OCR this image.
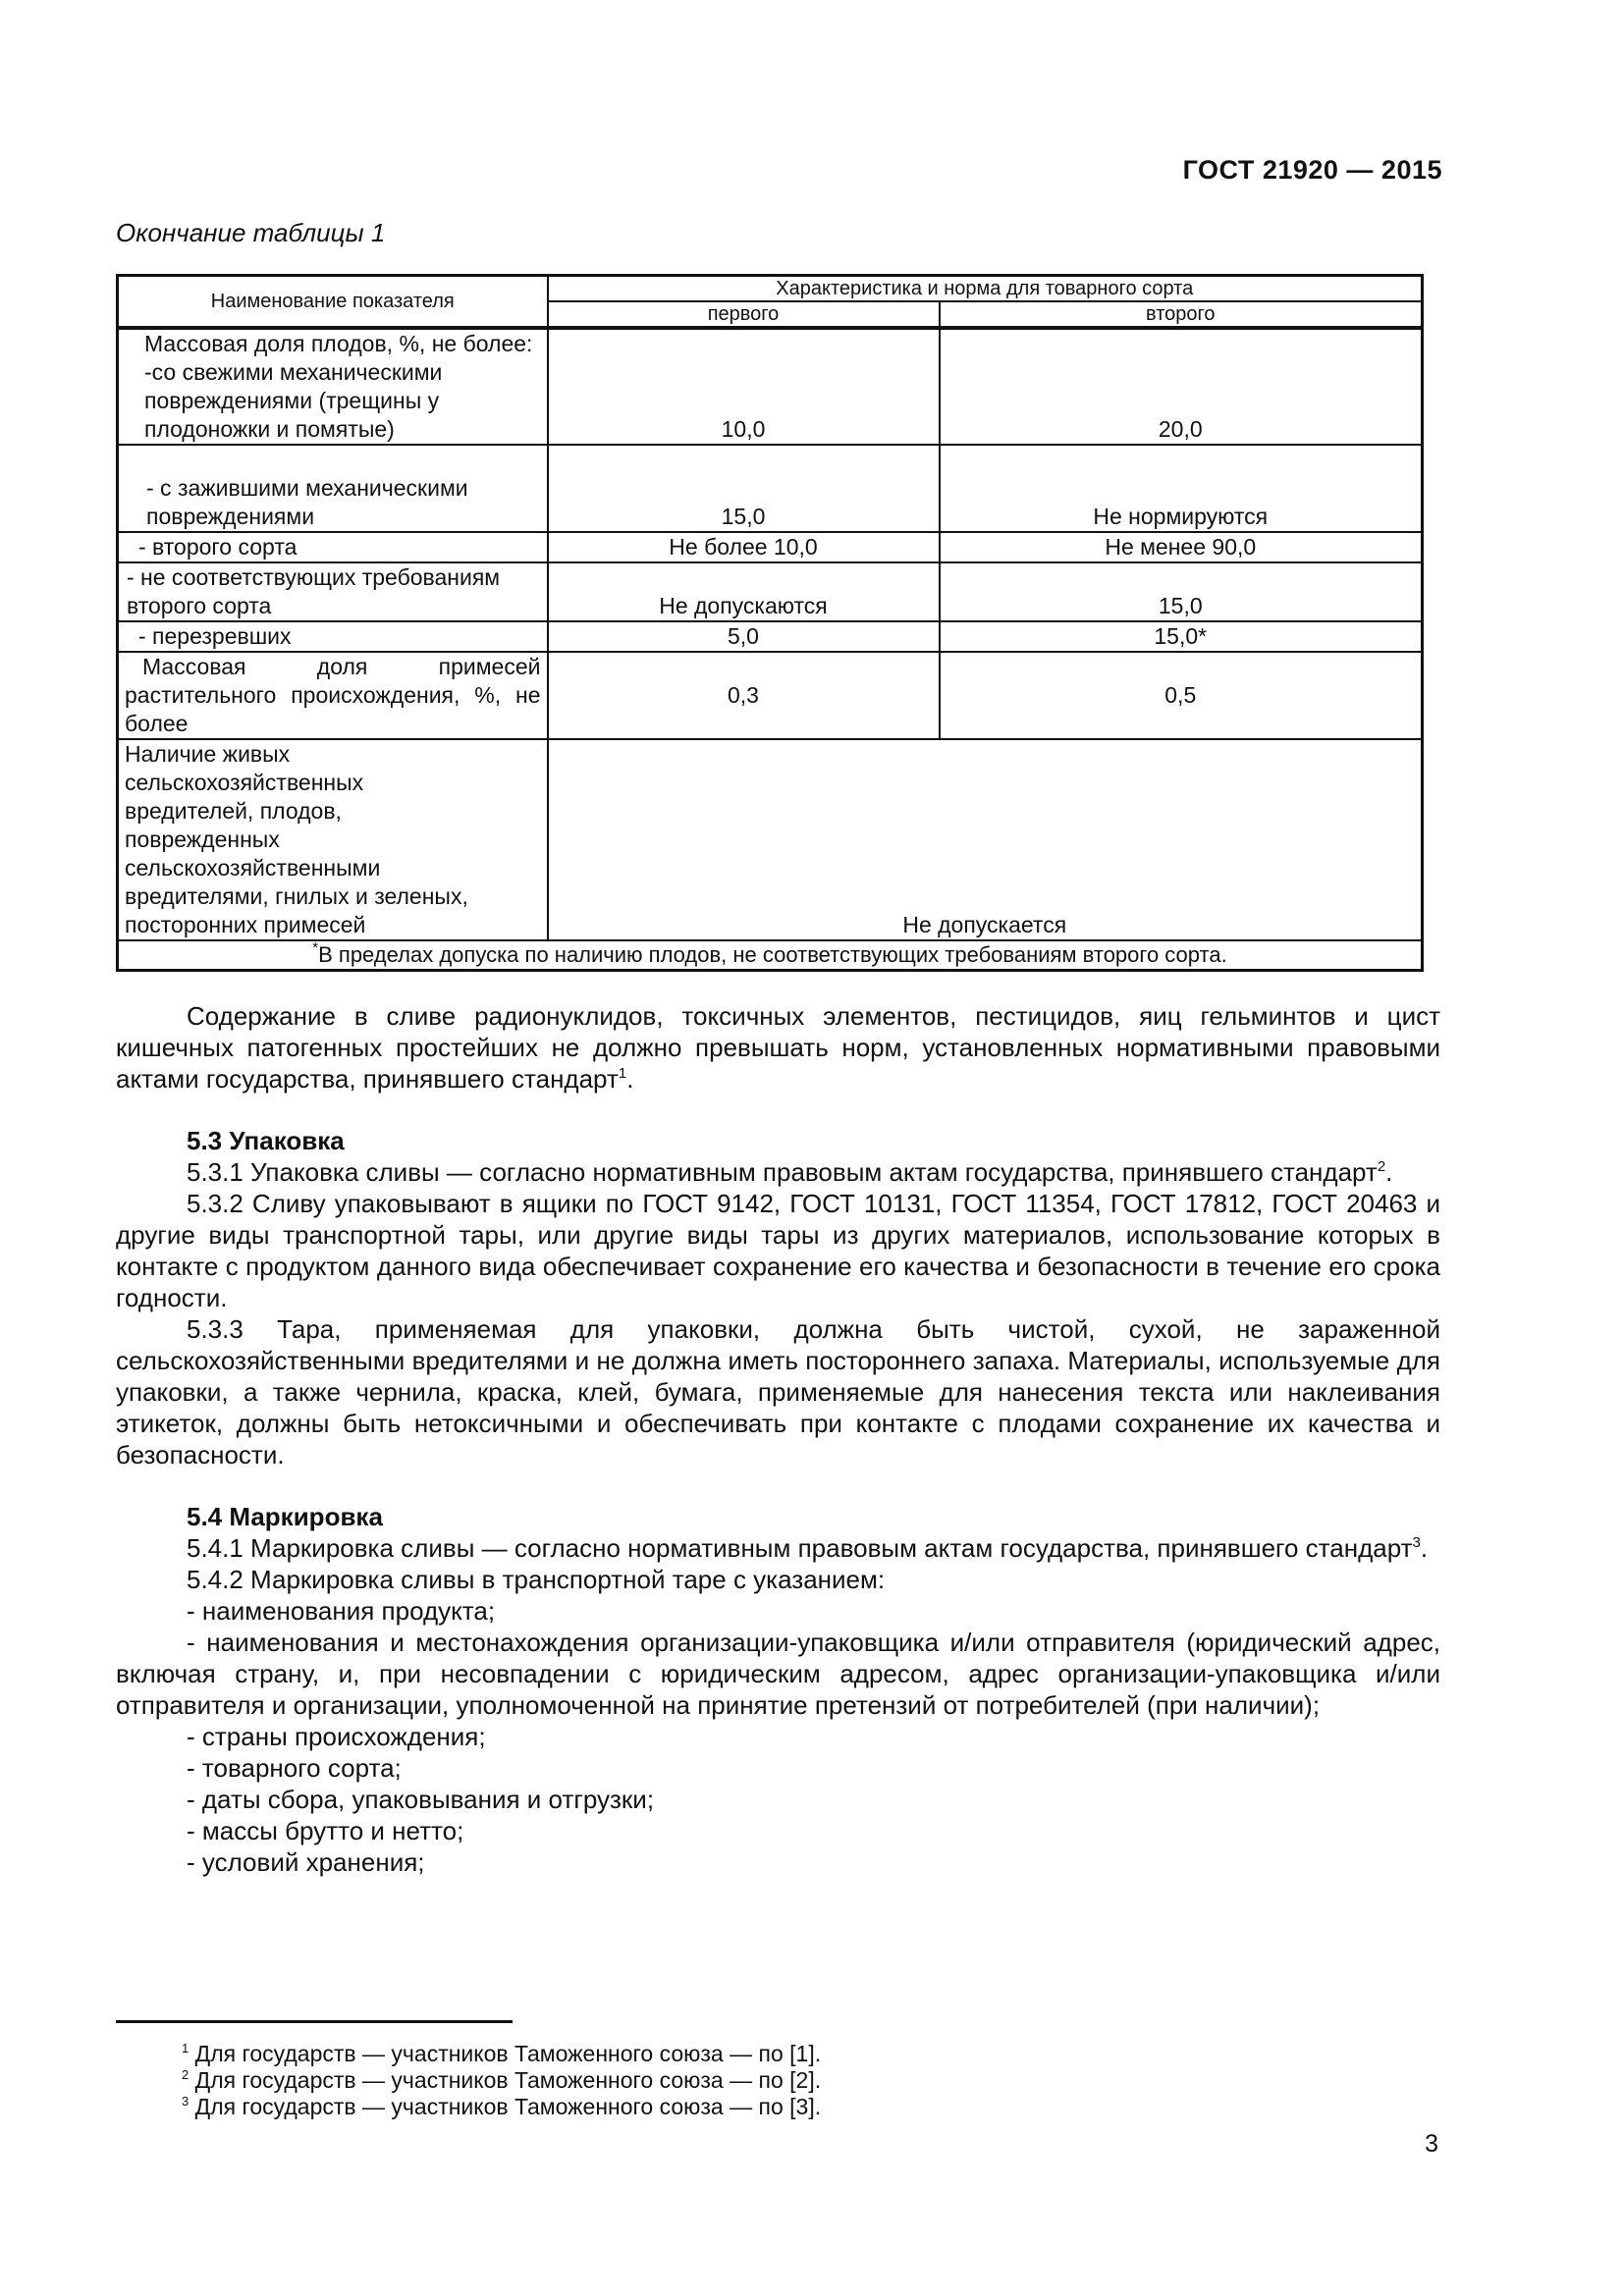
ГОСТ 21920 — 2015
Окончание таблицы 1
Наименование показателя	Характеристика и норма для товарного сорта	
	первого	второго

Массовая доля плодов, %, не более:
-со свежими механическими повреждениями (трещины у плодоножки и помятые)	10,0	20,0
- с зажившими механическими повреждениями	15,0	Не нормируются
- второго сорта	Не более 10,0	Не менее 90,0
- не соответствующих требованиям второго сорта	Не допускаются	15,0
- перезревших	5,0	15,0*
Массовая доля примесей растительного происхождения, %, не более	0,3	0,5
Наличие живых сельскохозяйственных вредителей, плодов, поврежденных сельскохозяйственными вредителями, гнилых и зеленых, посторонних примесей	Не допускается	
*В пределах допуска по наличию плодов, не соответствующих требованиям второго сорта.		

Содержание в сливе радионуклидов, токсичных элементов, пестицидов, яиц гельминтов и цист кишечных патогенных простейших не должно превышать норм, установленных нормативными правовыми актами государства, принявшего стандарт$^1$.

5.3 Упаковка

5.3.1 Упаковка сливы — согласно нормативным правовым актам государства, принявшего стандарт$^2$.

5.3.2 Сливу упаковывают в ящики по ГОСТ 9142, ГОСТ 10131, ГОСТ 11354, ГОСТ 17812, ГОСТ 20463 и другие виды транспортной тары, или другие виды тары из других материалов, использование которых в контакте с продуктом данного вида обеспечивает сохранение его качества и безопасности в течение его срока годности.

5.3.3 Тара, применяемая для упаковки, должна быть чистой, сухой, не зараженной сельскохозяйственными вредителями и не должна иметь постороннего запаха. Материалы, используемые для упаковки, а также чернила, краска, клей, бумага, применяемые для нанесения текста или наклеивания этикеток, должны быть нетоксичными и обеспечивать при контакте с плодами сохранение их качества и безопасности.

5.4 Маркировка

5.4.1 Маркировка сливы — согласно нормативным правовым актам государства, принявшего стандарт$^3$.

5.4.2 Маркировка сливы в транспортной таре с указанием:

- наименования продукта;

- наименования и местонахождения организации-упаковщика и/или отправителя (юридический адрес, включая страну, и, при несовпадении с юридическим адресом, адрес организации-упаковщика и/или отправителя и организации, уполномоченной на принятие претензий от потребителей (при наличии);

- страны происхождения;

- товарного сорта;

- даты сбора, упаковывания и отгрузки;

- массы брутто и нетто;

- условий хранения;

$^1$ Для государств — участников Таможенного союза — по [1].
$^2$ Для государств — участников Таможенного союза — по [2].
$^3$ Для государств — участников Таможенного союза — по [3].
3
